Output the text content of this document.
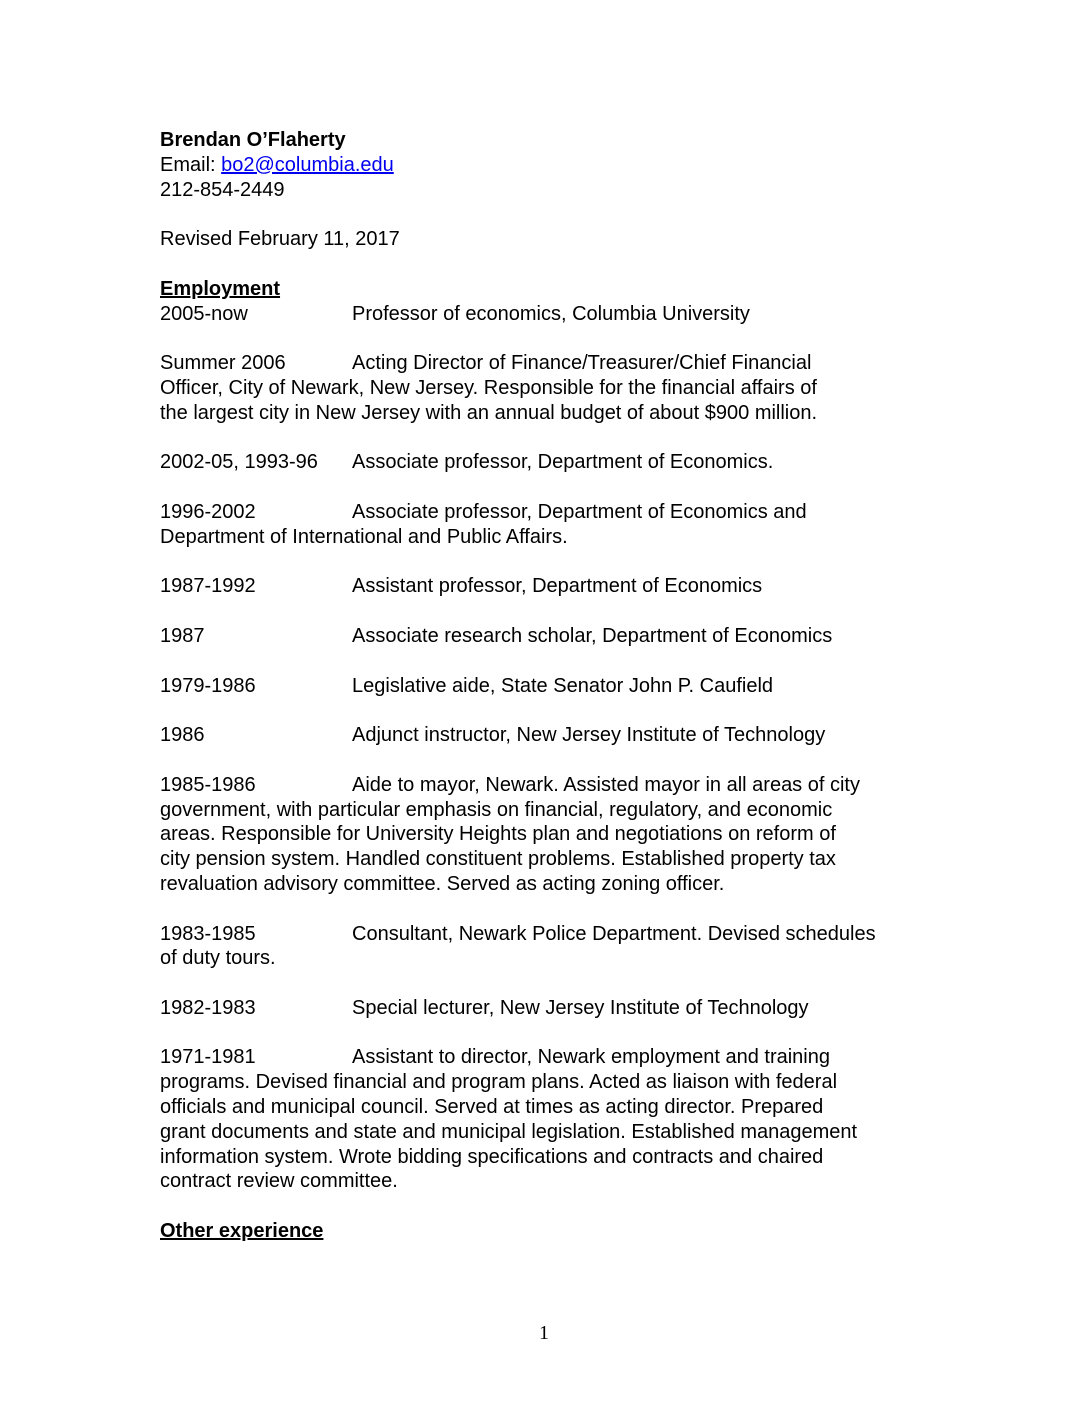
Brendan O’Flaherty
Email: bo2@columbia.edu
212-854-2449
Revised February 11, 2017
Employment
2005-now	Professor of economics, Columbia University
Summer 2006	Acting Director of Finance/Treasurer/Chief Financial
Officer, City of Newark, New Jersey. Responsible for the financial affairs of
the largest city in New Jersey with an annual budget of about $900 million.
2002-05, 1993-96 Associate professor, Department of Economics.
1996-2002	Associate professor, Department of Economics and
Department of International and Public Affairs.
1987-1992	Assistant professor, Department of Economics
1987	Associate research scholar, Department of Economics
1979-1986	Legislative aide, State Senator John P. Caufield
1986	Adjunct instructor, New Jersey Institute of Technology
1985-1986	Aide to mayor, Newark. Assisted mayor in all areas of city
government, with particular emphasis on financial, regulatory, and economic
areas. Responsible for University Heights plan and negotiations on reform of
city pension system. Handled constituent problems. Established property tax
revaluation advisory committee. Served as acting zoning officer.
1983-1985	Consultant, Newark Police Department. Devised schedules
of duty tours.
1982-1983	Special lecturer, New Jersey Institute of Technology
1971-1981	Assistant to director, Newark employment and training
programs. Devised financial and program plans. Acted as liaison with federal
officials and municipal council. Served at times as acting director. Prepared
grant documents and state and municipal legislation. Established management
information system. Wrote bidding specifications and contracts and chaired
contract review committee.
Other experience
1
